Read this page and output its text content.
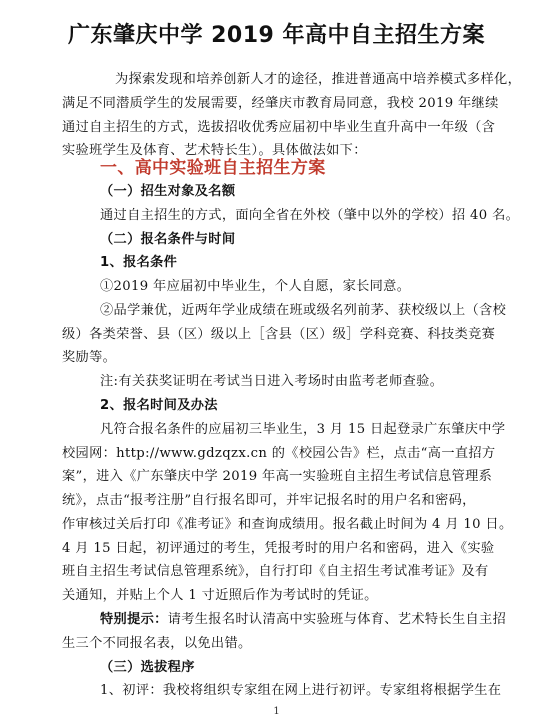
广东肇庆中学 2019 年高中自主招生方案
为探索发现和培养创新人才的途径，推进普通高中培养模式多样化，
满足不同潜质学生的发展需要，经肇庆市教育局同意，我校 2019 年继续
通过自主招生的方式，选拔招收优秀应届初中毕业生直升高中一年级（含
实验班学生及体育、艺术特长生）。具体做法如下：
一、高中实验班自主招生方案
（一）招生对象及名额
通过自主招生的方式，面向全省在外校（肇中以外的学校）招 40 名。
（二）报名条件与时间
1、报名条件
①2019 年应届初中毕业生，个人自愿，家长同意。
②品学兼优，近两年学业成绩在班或级名列前茅、获校级以上（含校
级）各类荣誉、县（区）级以上［含县（区）级］学科竞赛、科技类竞赛
奖励等。
注:有关获奖证明在考试当日进入考场时由监考老师查验。
2、报名时间及办法
凡符合报名条件的应届初三毕业生，3 月 15 日起登录广东肇庆中学
校园网：http://www.gdzqzx.cn 的《校园公告》栏，点击“高一直招方
案”，进入《广东肇庆中学 2019 年高一实验班自主招生考试信息管理系
统》，点击“报考注册”自行报名即可，并牢记报名时的用户名和密码，
作审核过关后打印《准考证》和查询成绩用。报名截止时间为 4 月 10 日。
4 月 15 日起，初评通过的考生，凭报考时的用户名和密码，进入《实验
班自主招生考试信息管理系统》，自行打印《自主招生考试准考证》及有
关通知，并贴上个人 1 寸近照后作为考试时的凭证。
特别提示：请考生报名时认清高中实验班与体育、艺术特长生自主招
生三个不同报名表，以免出错。
（三）选拔程序
1、初评：我校将组织专家组在网上进行初评。专家组将根据学生在
1
